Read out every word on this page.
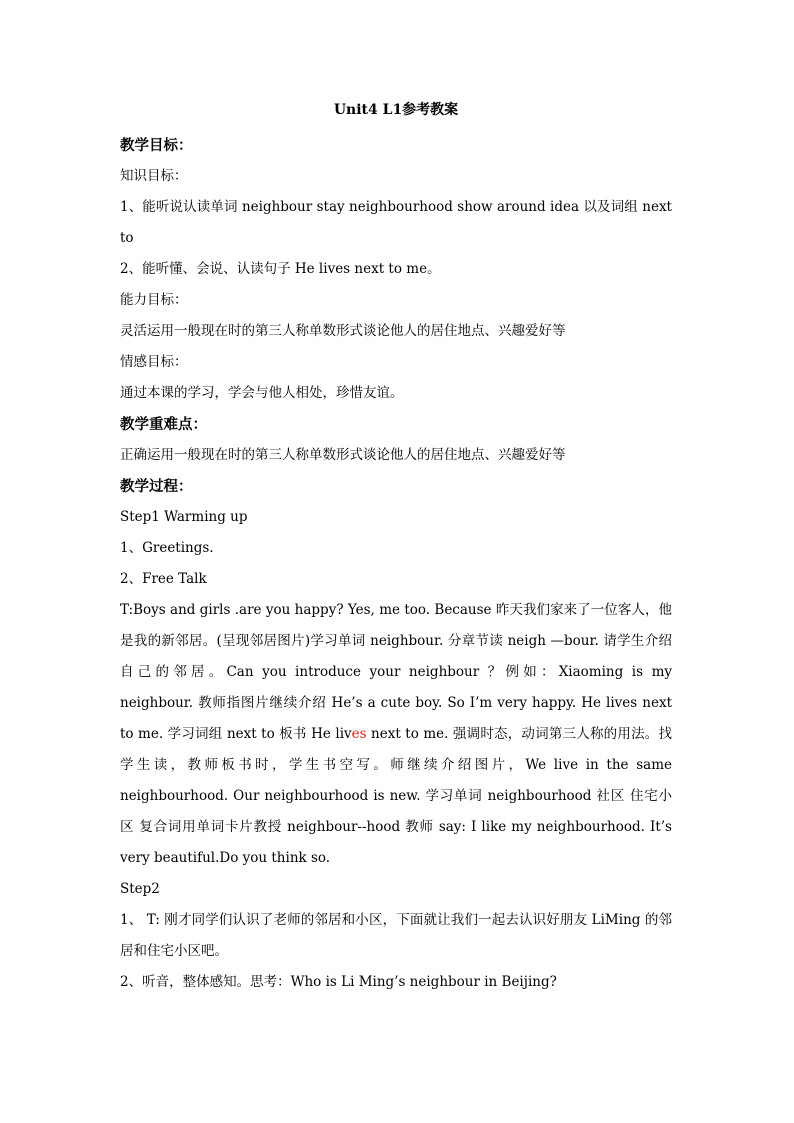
Unit4 L1参考教案

教学目标：

知识目标：

1、能听说认读单词 neighbour stay neighbourhood show around idea 以及词组 next to

2、能听懂、会说、认读句子 He lives next to me。

能力目标：

灵活运用一般现在时的第三人称单数形式谈论他人的居住地点、兴趣爱好等

情感目标：

通过本课的学习，学会与他人相处，珍惜友谊。

教学重难点：

正确运用一般现在时的第三人称单数形式谈论他人的居住地点、兴趣爱好等

教学过程：

Step1 Warming up

1、Greetings.

2、Free Talk

T:Boys and girls .are you happy? Yes, me too. Because 昨天我们家来了一位客人，他是我的新邻居。(呈现邻居图片)学习单词 neighbour. 分章节读 neigh —bour. 请学生介绍自己的邻居。Can you introduce your neighbour ？例如：Xiaoming is my neighbour. 教师指图片继续介绍 He’s a cute boy. So I’m very happy. He lives next to me. 学习词组 next to 板书 He lives next to me. 强调时态，动词第三人称的用法。找学生读，教师板书时，学生书空写。师继续介绍图片，We live in the same neighbourhood. Our neighbourhood is new. 学习单词 neighbourhood 社区 住宅小区 复合词用单词卡片教授 neighbour--hood 教师 say: I like my neighbourhood. It’s very beautiful.Do you think so.

Step2

1、 T: 刚才同学们认识了老师的邻居和小区，下面就让我们一起去认识好朋友 LiMing 的邻居和住宅小区吧。

2、听音，整体感知。思考：Who is Li Ming’s neighbour in Beijing?
